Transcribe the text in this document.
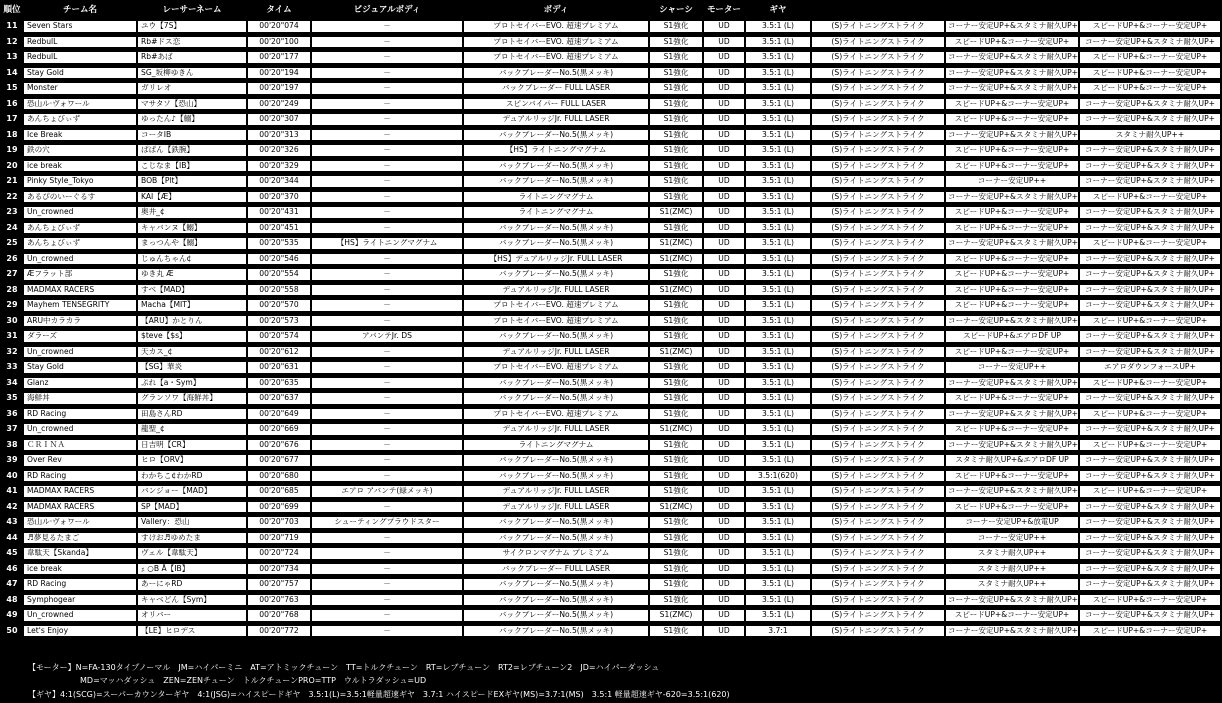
順位	チーム名	レーサーネーム	タイム	ビジュアルボディ	ボディ	シャーシ	モーター	ギヤ			
11	Seven Stars	ユウ【7S】	00'20"074	－	プロトセイバーEVO. 超速プレミアム	S1強化	UD	3.5:1 (L)	(S)ライトニングストライク	コーナー安定UP+&スタミナ耐久UP+	スピードUP+&コーナー安定UP+
12	RedbulL	Rb#ドス恋	00'20"100	－	プロトセイバーEVO. 超速プレミアム	S1強化	UD	3.5:1 (L)	(S)ライトニングストライク	スピードUP+&コーナー安定UP+	コーナー安定UP+&スタミナ耐久UP+
13	RedbulL	Rb#あば	00'20"177	－	プロトセイバーEVO. 超速プレミアム	S1強化	UD	3.5:1 (L)	(S)ライトニングストライク	コーナー安定UP+&スタミナ耐久UP+	スピードUP+&コーナー安定UP+
14	Stay Gold	SG_坂柳ゆきん	00'20"194	－	バックブレーダーNo.5(黒メッキ)	S1強化	UD	3.5:1 (L)	(S)ライトニングストライク	コーナー安定UP+&スタミナ耐久UP+	スピードUP+&コーナー安定UP+
15	Monster	ガリレオ	00'20"197	－	バックブレーダー FULL LASER	S1強化	UD	3.5:1 (L)	(S)ライトニングストライク	コーナー安定UP+&スタミナ耐久UP+	スピードUP+&コーナー安定UP+
16	恐山ル·ヴォワール	マサタソ【恐山】	00'20"249	－	スピンバイパー FULL LASER	S1強化	UD	3.5:1 (L)	(S)ライトニングストライク	スピードUP+&コーナー安定UP+	コーナー安定UP+&スタミナ耐久UP+
17	あんちょびぃず	ゆったん♪【鰯】	00'20"307	－	デュアルリッジJr. FULL LASER	S1強化	UD	3.5:1 (L)	(S)ライトニングストライク	スピードUP+&コーナー安定UP+	コーナー安定UP+&スタミナ耐久UP+
18	Ice Break	コータIB	00'20"313	－	バックブレーダーNo.5(黒メッキ)	S1強化	UD	3.5:1 (L)	(S)ライトニングストライク	コーナー安定UP+&スタミナ耐久UP+	スタミナ耐久UP++
19	鉄の穴	ぱぱん【鉄腕】	00'20"326	－	【HS】ライトニングマグナム	S1強化	UD	3.5:1 (L)	(S)ライトニングストライク	スピードUP+&コーナー安定UP+	コーナー安定UP+&スタミナ耐久UP+
20	ice break	こじなま【IB】	00'20"329	－	バックブレーダーNo.5(黒メッキ)	S1強化	UD	3.5:1 (L)	(S)ライトニングストライク	スピードUP+&コーナー安定UP+	コーナー安定UP+&スタミナ耐久UP+
21	Pinky Style_Tokyo	BOB【Plt】	00'20"344	－	バックブレーダーNo.5(黒メッキ)	S1強化	UD	3.5:1 (L)	(S)ライトニングストライク	コーナー安定UP++	コーナー安定UP+&スタミナ耐久UP+
22	あるぴのいーぐるす	KAI【Æ】	00'20"370	－	ライトニングマグナム	S1強化	UD	3.5:1 (L)	(S)ライトニングストライク	コーナー安定UP+&スタミナ耐久UP+	スピードUP+&コーナー安定UP+
23	Un_crowned	奥井_¢	00'20"431	－	ライトニングマグナム	S1(ZMC)	UD	3.5:1 (L)	(S)ライトニングストライク	スピードUP+&コーナー安定UP+	コーナー安定UP+&スタミナ耐久UP+
24	あんちょびぃず	キャバンヌ【鰯】	00'20"451	－	バックブレーダーNo.5(黒メッキ)	S1強化	UD	3.5:1 (L)	(S)ライトニングストライク	スピードUP+&コーナー安定UP+	コーナー安定UP+&スタミナ耐久UP+
25	あんちょびぃず	まっつんや【鰯】	00'20"535	【HS】ライトニングマグナム	バックブレーダーNo.5(黒メッキ)	S1(ZMC)	UD	3.5:1 (L)	(S)ライトニングストライク	コーナー安定UP+&スタミナ耐久UP+	スピードUP+&コーナー安定UP+
26	Un_crowned	じゅんちゃん¢	00'20"546	－	【HS】デュアルリッジJr. FULL LASER	S1(ZMC)	UD	3.5:1 (L)	(S)ライトニングストライク	スピードUP+&コーナー安定UP+	コーナー安定UP+&スタミナ耐久UP+
27	Æフラット部	ゆき丸 Æ	00'20"554	－	バックブレーダーNo.5(黒メッキ)	S1強化	UD	3.5:1 (L)	(S)ライトニングストライク	スピードUP+&コーナー安定UP+	コーナー安定UP+&スタミナ耐久UP+
28	MADMAX RACERS	すべ【MAD】	00'20"558	－	デュアルリッジJr. FULL LASER	S1(ZMC)	UD	3.5:1 (L)	(S)ライトニングストライク	スピードUP+&コーナー安定UP+	コーナー安定UP+&スタミナ耐久UP+
29	Mayhem TENSEGRITY	Macha【MIT】	00'20"570	－	プロトセイバーEVO. 超速プレミアム	S1強化	UD	3.5:1 (L)	(S)ライトニングストライク	スピードUP+&コーナー安定UP+	コーナー安定UP+&スタミナ耐久UP+
30	ARU中カラカラ	【ARU】かとりん	00'20"573	－	プロトセイバーEVO. 超速プレミアム	S1強化	UD	3.5:1 (L)	(S)ライトニングストライク	コーナー安定UP+&スタミナ耐久UP+	スピードUP+&コーナー安定UP+
31	ダラーズ	$teve【$s】	00'20"574	アバンテJr. DS	バックブレーダーNo.5(黒メッキ)	S1強化	UD	3.5:1 (L)	(S)ライトニングストライク	スピードUP+&エアロDF UP	コーナー安定UP+&スタミナ耐久UP+
32	Un_crowned	天カス_¢	00'20"612	－	デュアルリッジJr. FULL LASER	S1(ZMC)	UD	3.5:1 (L)	(S)ライトニングストライク	スピードUP+&コーナー安定UP+	コーナー安定UP+&スタミナ耐久UP+
33	Stay Gold	【SG】華炎	00'20"631	－	プロトセイバーEVO. 超速プレミアム	S1強化	UD	3.5:1 (L)	(S)ライトニングストライク	コーナー安定UP++	エアロダウンフォースUP+
34	Glanz	ぷれ【a・Sym】	00'20"635	－	バックブレーダーNo.5(黒メッキ)	S1強化	UD	3.5:1 (L)	(S)ライトニングストライク	コーナー安定UP+&スタミナ耐久UP+	スピードUP+&コーナー安定UP+
35	海鮮丼	グランソワ【海鮮丼】	00'20"637	－	バックブレーダーNo.5(黒メッキ)	S1強化	UD	3.5:1 (L)	(S)ライトニングストライク	スピードUP+&コーナー安定UP+	コーナー安定UP+&スタミナ耐久UP+
36	RD Racing	田島さんRD	00'20"649	－	プロトセイバーEVO. 超速プレミアム	S1強化	UD	3.5:1 (L)	(S)ライトニングストライク	コーナー安定UP+&スタミナ耐久UP+	スピードUP+&コーナー安定UP+
37	Un_crowned	龍聖_¢	00'20"669	－	デュアルリッジJr. FULL LASER	S1(ZMC)	UD	3.5:1 (L)	(S)ライトニングストライク	スピードUP+&コーナー安定UP+	コーナー安定UP+&スタミナ耐久UP+
38	ＣＲＩＮＡ	日吉明【CR】	00'20"676	－	ライトニングマグナム	S1強化	UD	3.5:1 (L)	(S)ライトニングストライク	コーナー安定UP+&スタミナ耐久UP+	スピードUP+&コーナー安定UP+
39	Over Rev	ヒロ【ORV】	00'20"677	－	バックブレーダーNo.5(黒メッキ)	S1強化	UD	3.5:1 (L)	(S)ライトニングストライク	スタミナ耐久UP+&エアロDF UP	コーナー安定UP+&スタミナ耐久UP+
40	RD Racing	わかちこ¢わかRD	00'20"680	－	バックブレーダーNo.5(黒メッキ)	S1強化	UD	3.5:1(620)	(S)ライトニングストライク	スピードUP+&コーナー安定UP+	コーナー安定UP+&スタミナ耐久UP+
41	MADMAX RACERS	バンジョー【MAD】	00'20"685	エアロ アバンテ(緑メッキ)	デュアルリッジJr. FULL LASER	S1強化	UD	3.5:1 (L)	(S)ライトニングストライク	コーナー安定UP+&スタミナ耐久UP+	スピードUP+&コーナー安定UP+
42	MADMAX RACERS	SP【MAD】	00'20"699	－	デュアルリッジJr. FULL LASER	S1(ZMC)	UD	3.5:1 (L)	(S)ライトニングストライク	スピードUP+&コーナー安定UP+	コーナー安定UP+&スタミナ耐久UP+
43	恐山ル·ヴォワール	Vallery：恐山	00'20"703	シューティングプラウドスター	バックブレーダーNo.5(黒メッキ)	S1強化	UD	3.5:1 (L)	(S)ライトニングストライク	コーナー安定UP+&放電UP	コーナー安定UP+&スタミナ耐久UP+
44	♬夢見るたまご	すけお♬ゆめたま	00'20"719	－	バックブレーダーNo.5(黒メッキ)	S1強化	UD	3.5:1 (L)	(S)ライトニングストライク	コーナー安定UP++	コーナー安定UP+&スタミナ耐久UP+
45	韋駄天【Skanda】	ヴェル【韋駄天】	00'20"724	－	サイクロンマグナム プレミアム	S1強化	UD	3.5:1 (L)	(S)ライトニングストライク	スタミナ耐久UP++	コーナー安定UP+&スタミナ耐久UP+
46	ice break	ｪ ○B Å【IB】	00'20"734	－	バックブレーダー FULL LASER	S1強化	UD	3.5:1 (L)	(S)ライトニングストライク	スタミナ耐久UP++	コーナー安定UP+&スタミナ耐久UP+
47	RD Racing	あーにゃRD	00'20"757	－	バックブレーダーNo.5(黒メッキ)	S1強化	UD	3.5:1 (L)	(S)ライトニングストライク	スタミナ耐久UP++	コーナー安定UP+&スタミナ耐久UP+
48	Symphogear	キャベどん【Sym】	00'20"763	－	バックブレーダーNo.5(黒メッキ)	S1強化	UD	3.5:1 (L)	(S)ライトニングストライク	コーナー安定UP+&スタミナ耐久UP+	スピードUP+&コーナー安定UP+
49	Un_crowned	オリバー	00'20"768	－	バックブレーダーNo.5(黒メッキ)	S1(ZMC)	UD	3.5:1 (L)	(S)ライトニングストライク	スピードUP+&コーナー安定UP+	コーナー安定UP+&スタミナ耐久UP+
50	Let's Enjoy	【LE】ヒロデス	00'20"772	－	バックブレーダーNo.5(黒メッキ)	S1強化	UD	3.7:1	(S)ライトニングストライク	コーナー安定UP+&スタミナ耐久UP+	スピードUP+&コーナー安定UP+
【モーター】N=FA-130タイプノーマル　JM=ハイパーミニ　AT=アトミックチューン　TT=トルクチューン　RT=レブチューン　RT2=レブチューン2　JD=ハイパーダッシュ
MD=マッハダッシュ　ZEN=ZENチューン　トルクチューンPRO=TTP　ウルトラダッシュ=UD
【ギヤ】4:1(SCG)=スーパーカウンターギヤ　4:1(JSG)=ハイスピードギヤ　3.5:1(L)=3.5:1軽量超速ギヤ　3.7:1 ハイスピードEXギヤ(MS)=3.7:1(MS)　3.5:1 軽量超速ギヤ-620=3.5:1(620)
